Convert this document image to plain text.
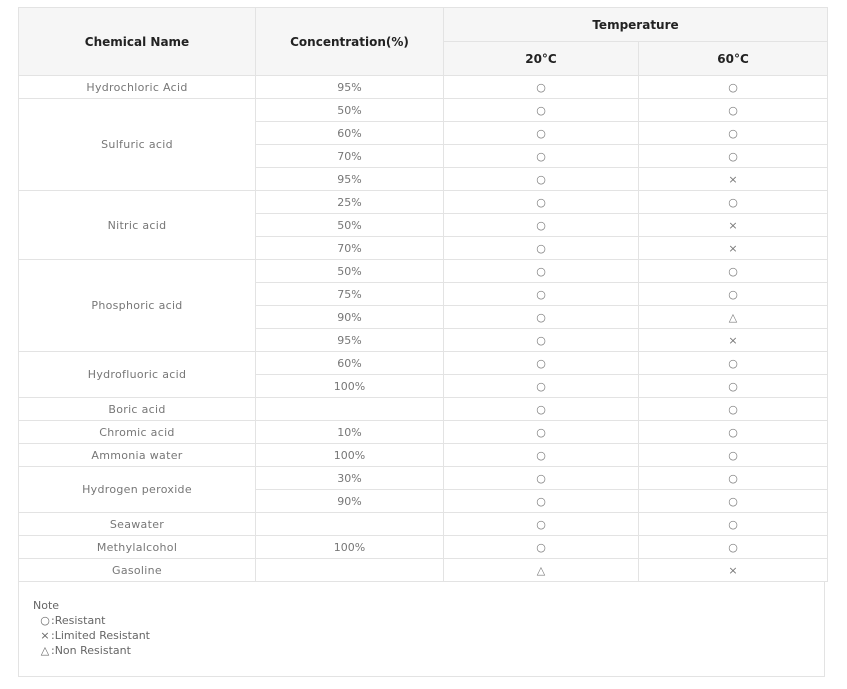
Chemical Name	Concentration(%)	Temperature	
		20°C	60°C
Hydrochloric Acid	95%	○	○
Sulfuric acid	50%	○	○
	60%	○	○
	70%	○	○
	95%	○	×
Nitric acid	25%	○	○
	50%	○	×
	70%	○	×
Phosphoric acid	50%	○	○
	75%	○	○
	90%	○	△
	95%	○	×
Hydrofluoric acid	60%	○	○
	100%	○	○
Boric acid		○	○
Chromic acid	10%	○	○
Ammonia water	100%	○	○
Hydrogen peroxide	30%	○	○
	90%	○	○
Seawater		○	○
Methylalcohol	100%	○	○
Gasoline		△	×
Note
○:Resistant
×:Limited Resistant
△ :Non Resistant
